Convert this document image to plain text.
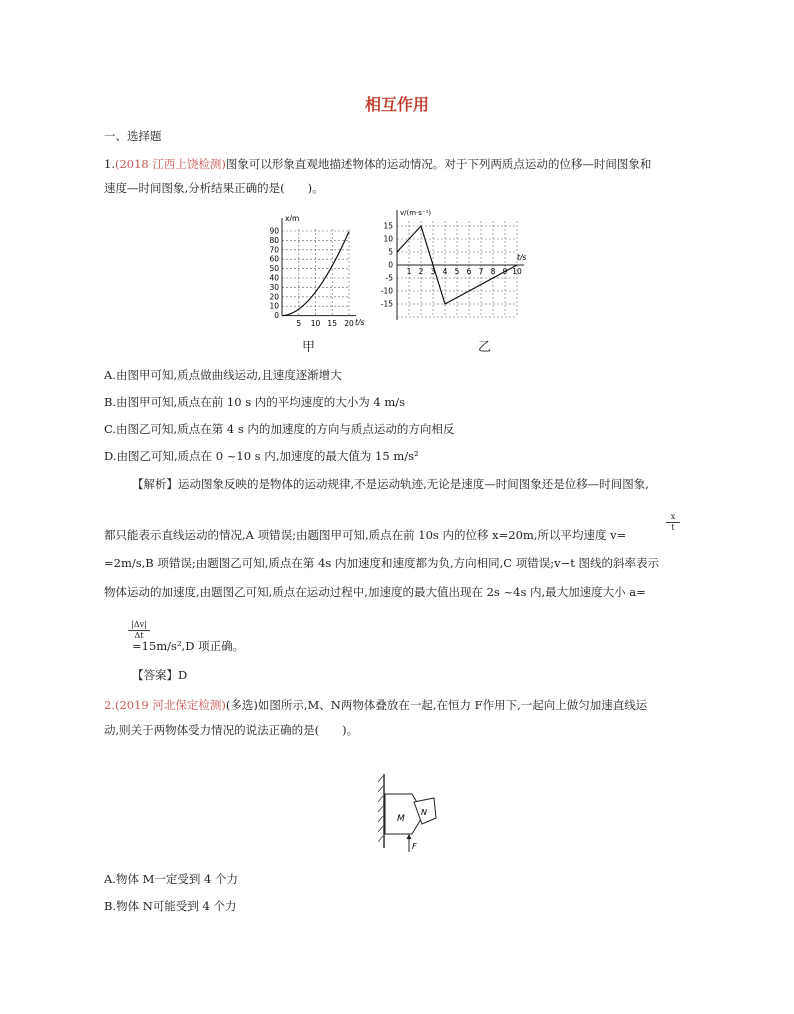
相互作用
一、选择题
1.(2018 江西上饶检测)图象可以形象直观地描述物体的运动情况。对于下列两质点运动的位移—时间图象和
速度—时间图象,分析结果正确的是(　　)。
x/m
t/s
90
80
70
60
50
40
30
20
10
0
5 10 15 20
v/(m·s⁻¹)
t/s
15
10
5
0
-5
-10
-15
1 2 3 4 5 6 7 8 9 10
甲	乙
A.由图甲可知,质点做曲线运动,且速度逐渐增大
B.由图甲可知,质点在前 10 s 内的平均速度的大小为 4 m/s
C.由图乙可知,质点在第 4 s 内的加速度的方向与质点运动的方向相反
D.由图乙可知,质点在 0 ~10 s 内,加速度的最大值为 15 m/s²
【解析】运动图象反映的是物体的运动规律,不是运动轨迹,无论是速度—时间图象还是位移—时间图象,
都只能表示直线运动的情况,A 项错误;由题图甲可知,质点在前 10s 内的位移 x=20m,所以平均速度 v=
$\frac{x}{t}$
=2m/s,B 项错误;由题图乙可知,质点在第 4s 内加速度和速度都为负,方向相同,C 项错误;v−t 图线的斜率表示
物体运动的加速度,由题图乙可知,质点在运动过程中,加速度的最大值出现在 2s ~4s 内,最大加速度大小 a=
$\frac{|\Delta v|}{\Delta t}$
=15m/s²,D 项正确。
【答案】D
2.(2019 河北保定检测)(多选)如图所示,M、N两物体叠放在一起,在恒力 F作用下,一起向上做匀加速直线运
动,则关于两物体受力情况的说法正确的是(　　)。
M
N
F
A.物体 M一定受到 4 个力
B.物体 N可能受到 4 个力
